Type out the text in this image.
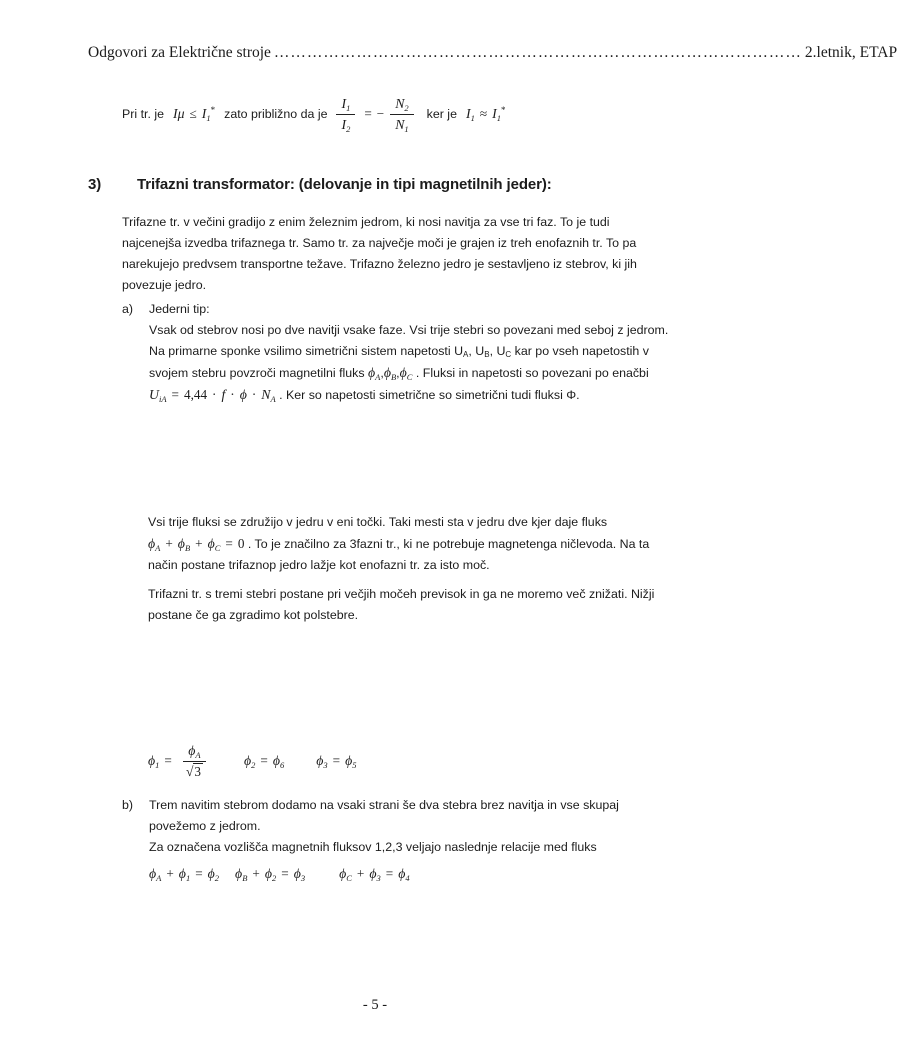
Odgovori za Električne stroje …………………………………………………………………………………… 2.letnik, ETAP
Pri tr. je $I\mu \le I_1^*$ zato približno da je $\frac{I_1}{I_2}$ = − $\frac{N_2}{N_1}$ ker je $I_1 \approx I_1^*$
3)	Trifazni transformator: (delovanje in tipi magnetilnih jeder):
Trifazne tr. v večini gradijo z enim železnim jedrom, ki nosi navitja za vse tri faz. To je tudi najcenejša izvedba trifaznega tr. Samo tr. za največje moči je grajen iz treh enofaznih tr. To pa narekujejo predvsem transportne težave. Trifazno železno jedro je sestavljeno iz stebrov, ki jih povezuje jedro.
a)	Jederni tip:
Vsak od stebrov nosi po dve navitji vsake faze. Vsi trije stebri so povezani med seboj z jedrom. Na primarne sponke vsilimo simetrični sistem napetosti $U_A$, $U_B$, $U_C$ kar po vseh napetostih v svojem stebru povzroči magnetilni fluks $\phi_A,\phi_B,\phi_C$ . Fluksi in napetosti so povezani po enačbi $U_{iA} = 4,44 \cdot f \cdot \phi \cdot N_A$ . Ker so napetosti simetrične so simetrični tudi fluksi Φ.
Vsi trije fluksi se združijo v jedru v eni točki. Taki mesti sta v jedru dve kjer daje fluks $\phi_A + \phi_B + \phi_C = 0$ . To je značilno za 3fazni tr., ki ne potrebuje magnetenga ničlevoda. Na ta način postane trifaznop jedro lažje kot enofazni tr. za isto moč.
Trifazni tr. s tremi stebri postane pri večjih močeh previsok in ga ne moremo več znižati. Nižji postane če ga zgradimo kot polstebre.
$\phi_1 = \frac{\phi_A}{√3}$	$\phi_2 = \phi_6$ $\phi_3 = \phi_5$
b)	Trem navitim stebrom dodamo na vsaki strani še dva stebra brez navitja in vse skupaj povežemo z jedrom.
Za označena vozlišča magnetnih fluksov 1,2,3 veljajo naslednje relacije med fluks
$\phi_A + \phi_1 = \phi_2$ $\phi_B + \phi_2 = \phi_3$ $\phi_C + \phi_3 = \phi_4$
- 5 -
